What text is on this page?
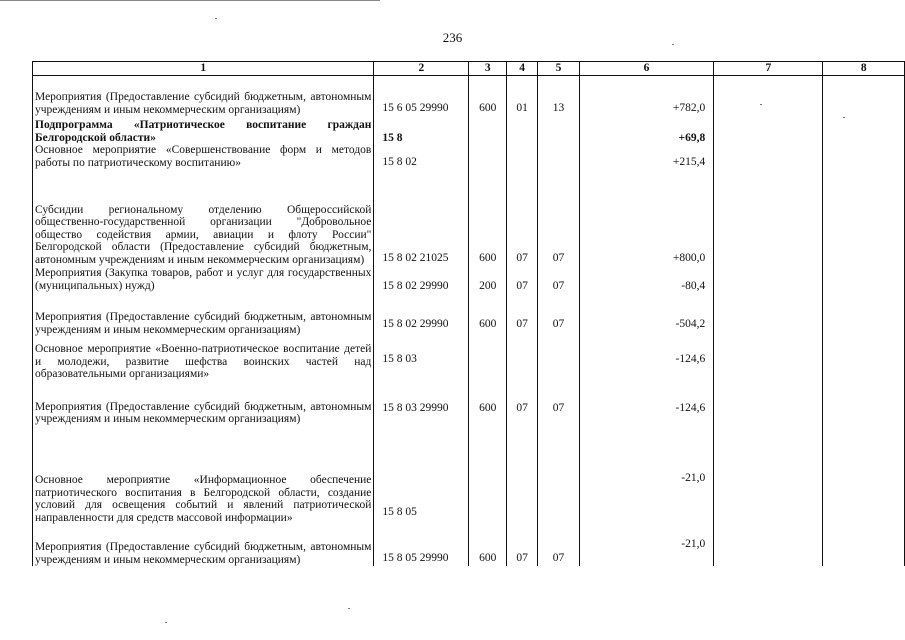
236
1	2	3	4	5	6	7	8
Мероприятия (Предоставление субсидий бюджетным, автономным учреждениям и иным некоммерческим организациям)	15 6 05 29990	600	01	13	+782,0		
Подпрограмма «Патриотическое воспитание граждан Белгородской области»	15 8				+69,8		
Основное мероприятие «Совершенствование форм и методов работы по патриотическому воспитанию»	15 8 02				+215,4		
Субсидии региональному отделению Общероссийской общественно-государственной организации "Добровольное общество содействия армии, авиации и флоту России" Белгородской области (Предоставление субсидий бюджетным, автономным учреждениям и иным некоммерческим организациям)	15 8 02 21025	600	07	07	+800,0		
Мероприятия (Закупка товаров, работ и услуг для государственных (муниципальных) нужд)	15 8 02 29990	200	07	07	-80,4		
Мероприятия (Предоставление субсидий бюджетным, автономным учреждениям и иным некоммерческим организациям)	15 8 02 29990	600	07	07	-504,2		
Основное мероприятие «Военно-патриотическое воспитание детей и молодежи, развитие шефства воинских частей над образовательными организациями»	15 8 03				-124,6		
Мероприятия (Предоставление субсидий бюджетным, автономным учреждениям и иным некоммерческим организациям)	15 8 03 29990	600	07	07	-124,6		
Основное мероприятие «Информационное обеспечение патриотического воспитания в Белгородской области, создание условий для освещения событий и явлений патриотической направленности для средств массовой информации»	15 8 05				-21,0		
Мероприятия (Предоставление субсидий бюджетным, автономным учреждениям и иным некоммерческим организациям)	15 8 05 29990	600	07	07	-21,0		
